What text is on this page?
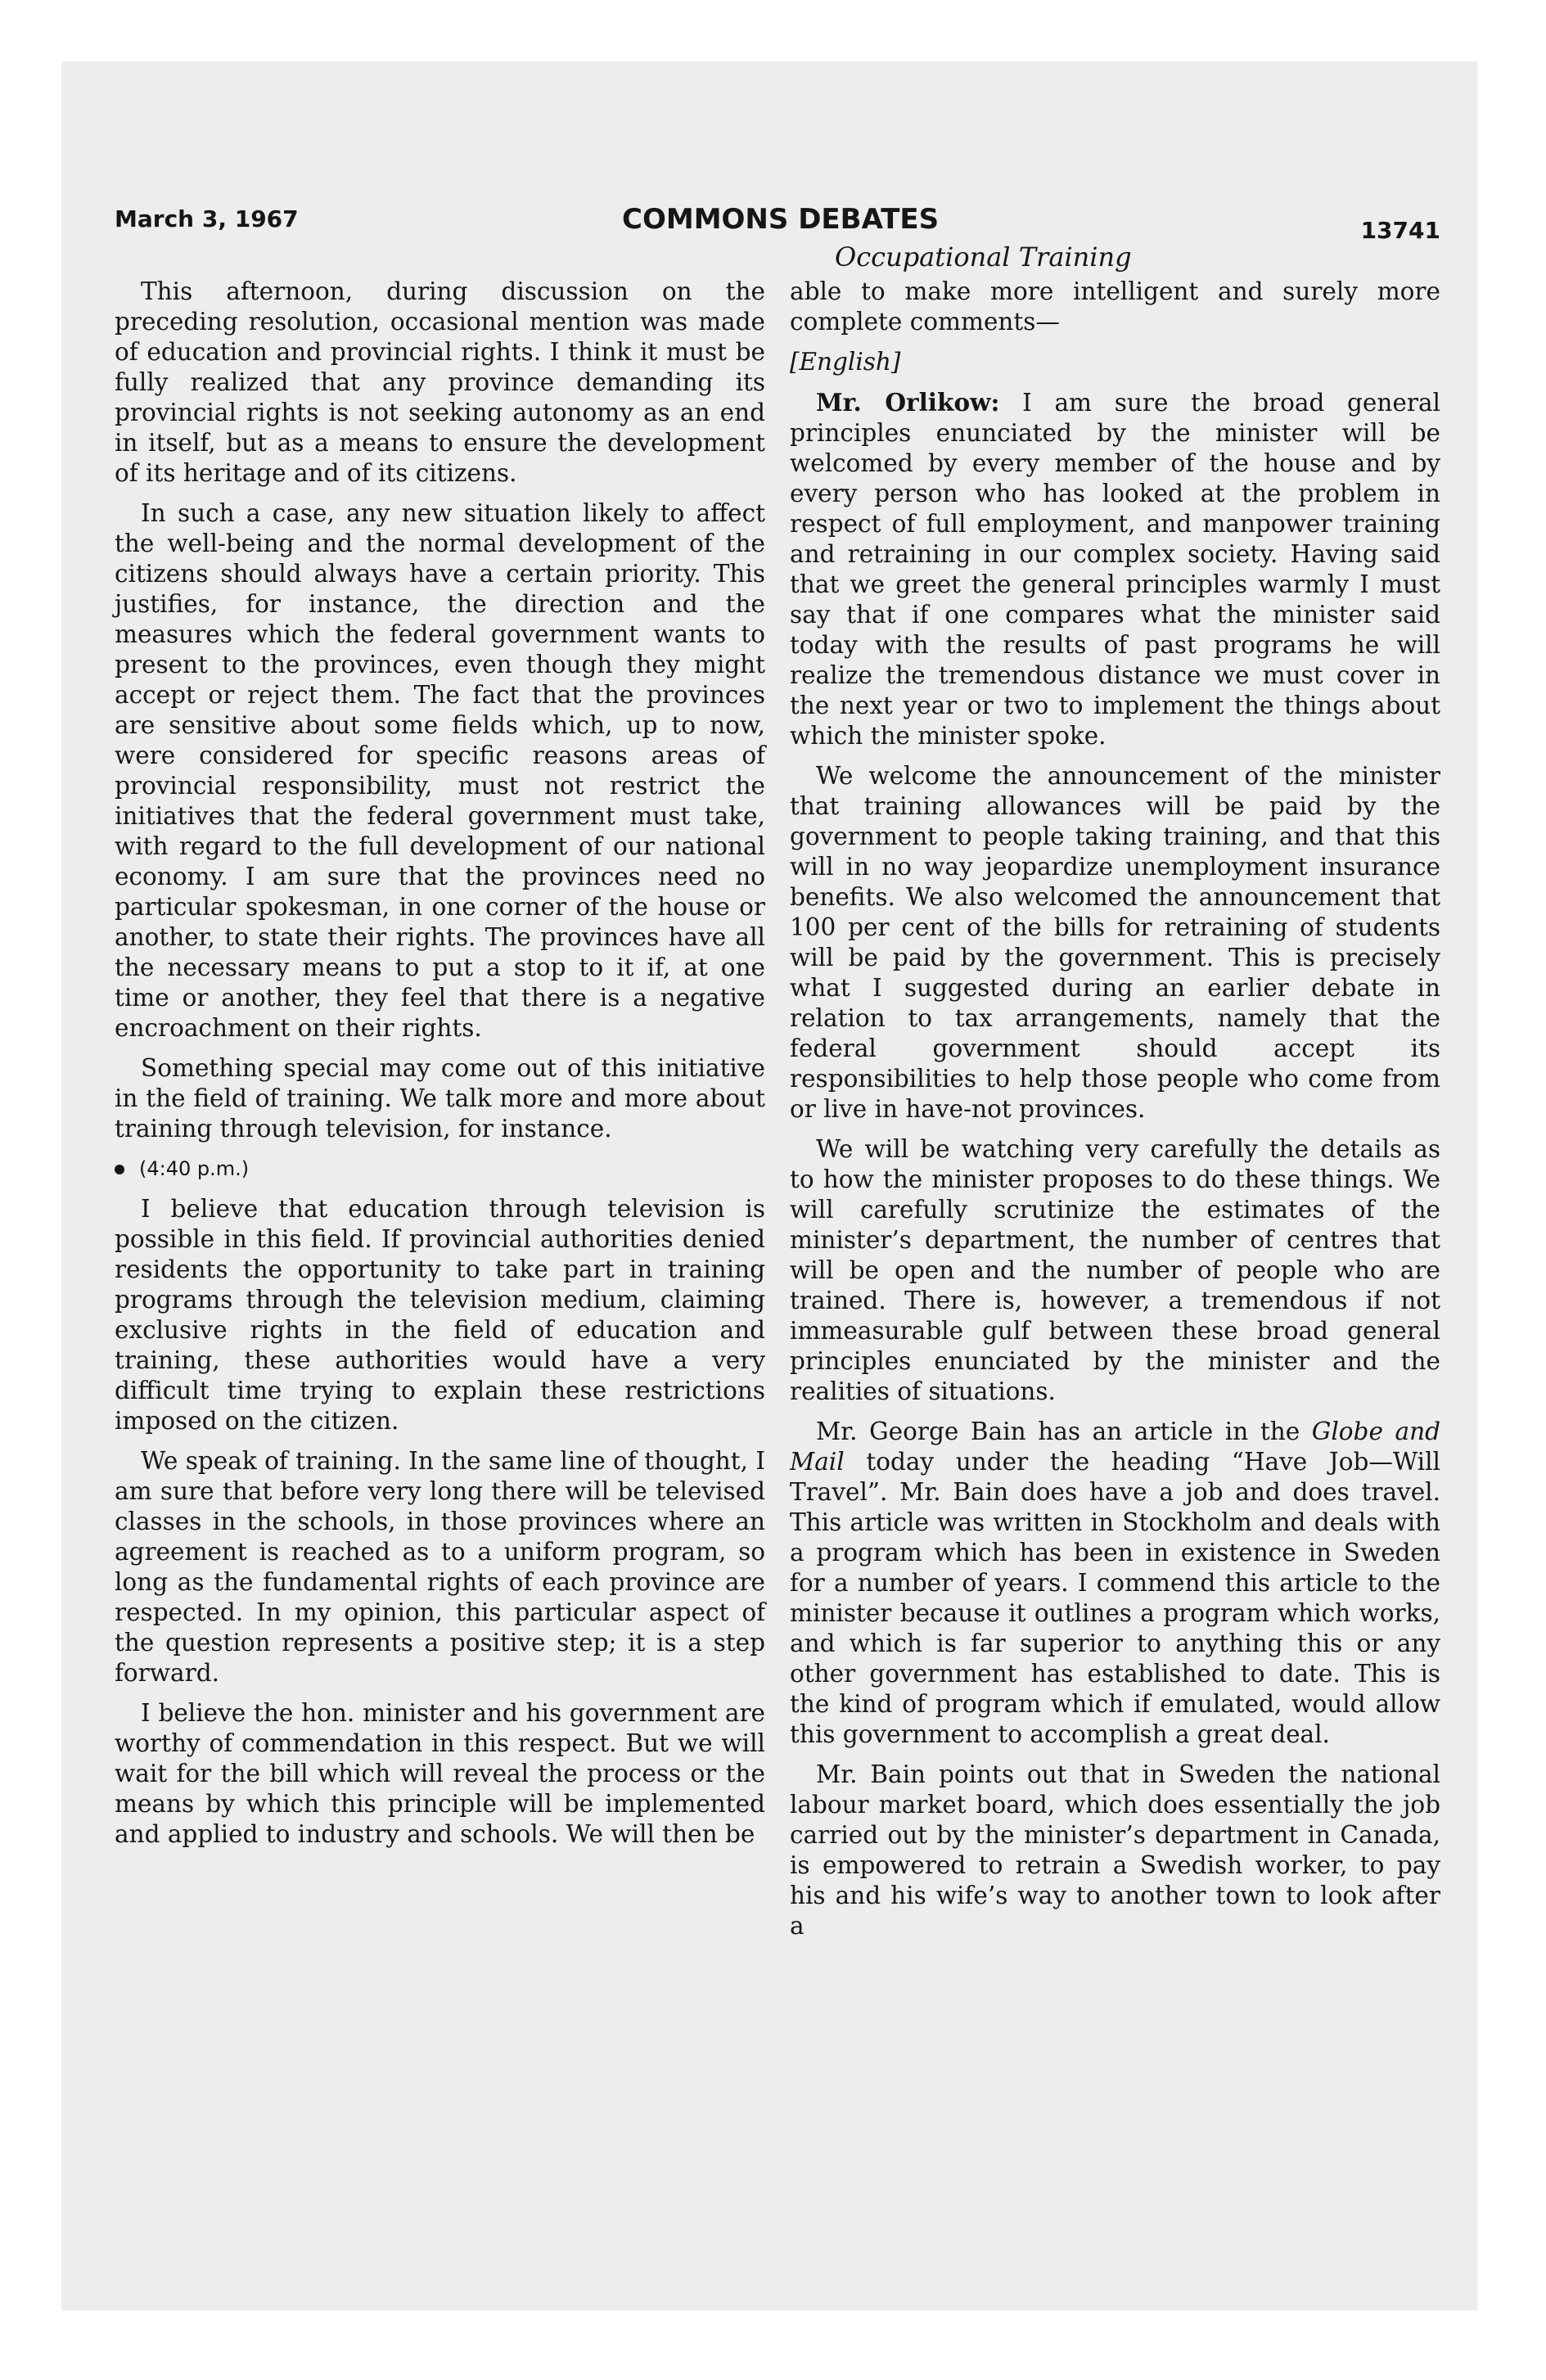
March 3, 1967	COMMONS DEBATES	13741
Occupational Training

This afternoon, during discussion on the preceding resolution, occasional mention was made of education and provincial rights. I think it must be fully realized that any province demanding its provincial rights is not seeking autonomy as an end in itself, but as a means to ensure the development of its heritage and of its citizens.

In such a case, any new situation likely to affect the well-being and the normal development of the citizens should always have a certain priority. This justifies, for instance, the direction and the measures which the federal government wants to present to the provinces, even though they might accept or reject them. The fact that the provinces are sensitive about some fields which, up to now, were considered for specific reasons areas of provincial responsibility, must not restrict the initiatives that the federal government must take, with regard to the full development of our national economy. I am sure that the provinces need no particular spokesman, in one corner of the house or another, to state their rights. The provinces have all the necessary means to put a stop to it if, at one time or another, they feel that there is a negative encroachment on their rights.

Something special may come out of this initiative in the field of training. We talk more and more about training through television, for instance.

(4:40 p.m.)

I believe that education through television is possible in this field. If provincial authorities denied residents the opportunity to take part in training programs through the television medium, claiming exclusive rights in the field of education and training, these authorities would have a very difficult time trying to explain these restrictions imposed on the citizen.

We speak of training. In the same line of thought, I am sure that before very long there will be televised classes in the schools, in those provinces where an agreement is reached as to a uniform program, so long as the fundamental rights of each province are respected. In my opinion, this particular aspect of the question represents a positive step; it is a step forward.

I believe the hon. minister and his government are worthy of commendation in this respect. But we will wait for the bill which will reveal the process or the means by which this principle will be implemented and applied to industry and schools. We will then be

able to make more intelligent and surely more complete comments—

[English]

Mr. Orlikow: I am sure the broad general principles enunciated by the minister will be welcomed by every member of the house and by every person who has looked at the problem in respect of full employment, and manpower training and retraining in our complex society. Having said that we greet the general principles warmly I must say that if one compares what the minister said today with the results of past programs he will realize the tremendous distance we must cover in the next year or two to implement the things about which the minister spoke.

We welcome the announcement of the minister that training allowances will be paid by the government to people taking training, and that this will in no way jeopardize unemployment insurance benefits. We also welcomed the announcement that 100 per cent of the bills for retraining of students will be paid by the government. This is precisely what I suggested during an earlier debate in relation to tax arrangements, namely that the federal government should accept its responsibilities to help those people who come from or live in have-not provinces.

We will be watching very carefully the details as to how the minister proposes to do these things. We will carefully scrutinize the estimates of the minister’s department, the number of centres that will be open and the number of people who are trained. There is, however, a tremendous if not immeasurable gulf between these broad general principles enunciated by the minister and the realities of situations.

Mr. George Bain has an article in the Globe and Mail today under the heading “Have Job—Will Travel”. Mr. Bain does have a job and does travel. This article was written in Stockholm and deals with a program which has been in existence in Sweden for a number of years. I commend this article to the minister because it outlines a program which works, and which is far superior to anything this or any other government has established to date. This is the kind of program which if emulated, would allow this government to accomplish a great deal.

Mr. Bain points out that in Sweden the national labour market board, which does essentially the job carried out by the minister’s department in Canada, is empowered to retrain a Swedish worker, to pay his and his wife’s way to another town to look after a
